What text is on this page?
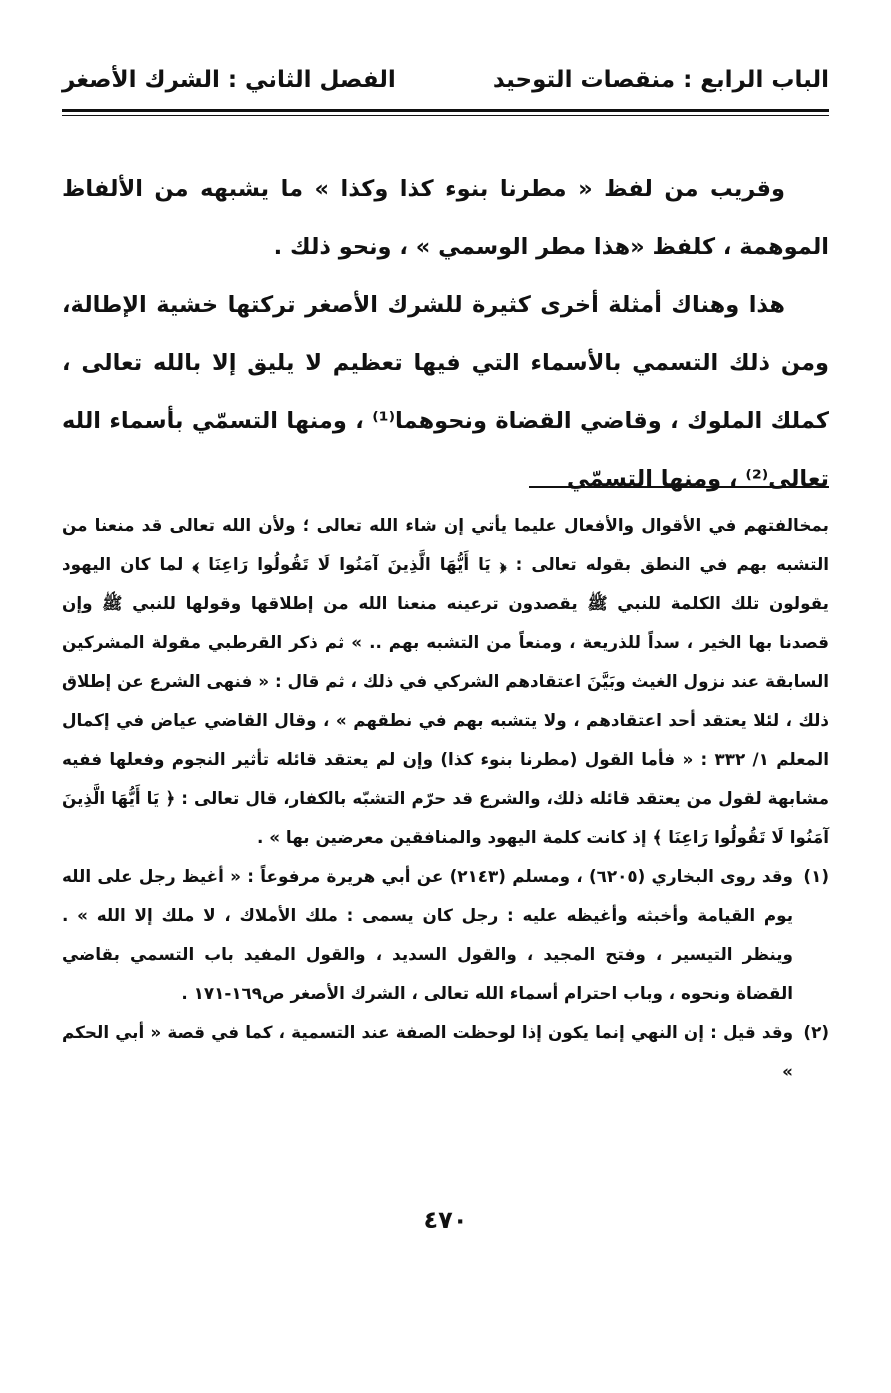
الباب الرابع : منقصات التوحيد
الفصل الثاني : الشرك الأصغر

وقريب من لفظ « مطرنا بنوء كذا وكذا » ما يشبهه من الألفاظ الموهمة ، كلفظ «هذا مطر الوسمي » ، ونحو ذلك .

هذا وهناك أمثلة أخرى كثيرة للشرك الأصغر تركتها خشية الإطالة، ومن ذلك التسمي بالأسماء التي فيها تعظيم لا يليق إلا بالله تعالى ، كملك الملوك ، وقاضي القضاة ونحوهما⁽¹⁾ ، ومنها التسمّي بأسماء الله تعالى⁽²⁾ ، ومنها التسمّي

بمخالفتهم في الأقوال والأفعال عليما يأتي إن شاء الله تعالى ؛ ولأن الله تعالى قد منعنا من التشبه بهم في النطق بقوله تعالى : ﴿ يَا أَيُّهَا الَّذِينَ آمَنُوا لَا تَقُولُوا رَاعِنَا ﴾ لما كان اليهود يقولون تلك الكلمة للنبي ﷺ يقصدون ترعينه منعنا الله من إطلاقها وقولها للنبي ﷺ وإن قصدنا بها الخير ، سداً للذريعة ، ومنعاً من التشبه بهم .. » ثم ذكر القرطبي مقولة المشركين السابقة عند نزول الغيث وبَيَّنَ اعتقادهم الشركي في ذلك ، ثم قال : « فنهى الشرع عن إطلاق ذلك ، لئلا يعتقد أحد اعتقادهم ، ولا يتشبه بهم في نطقهم » ، وقال القاضي عياض في إكمال المعلم ١/ ٣٣٢ : « فأما القول (مطرنا بنوء كذا) وإن لم يعتقد قائله تأثير النجوم وفعلها ففيه مشابهة لقول من يعتقد قائله ذلك، والشرع قد حرّم التشبّه بالكفار، قال تعالى : ﴿ يَا أَيُّهَا الَّذِينَ آمَنُوا لَا تَقُولُوا رَاعِنَا ﴾ إذ كانت كلمة اليهود والمنافقين معرضين بها » .

(١)
وقد روى البخاري (٦٢٠٥) ، ومسلم (٢١٤٣) عن أبي هريرة مرفوعاً : « أغيظ رجل على الله يوم القيامة وأخبثه وأغيظه عليه : رجل كان يسمى : ملك الأملاك ، لا ملك إلا الله » . وينظر التيسير ، وفتح المجيد ، والقول السديد ، والقول المفيد باب التسمي بقاضي القضاة ونحوه ، وباب احترام أسماء الله تعالى ، الشرك الأصغر ص١٦٩-١٧١ .
(٢)
وقد قيل : إن النهي إنما يكون إذا لوحظت الصفة عند التسمية ، كما في قصة « أبي الحكم »
٤٧٠
